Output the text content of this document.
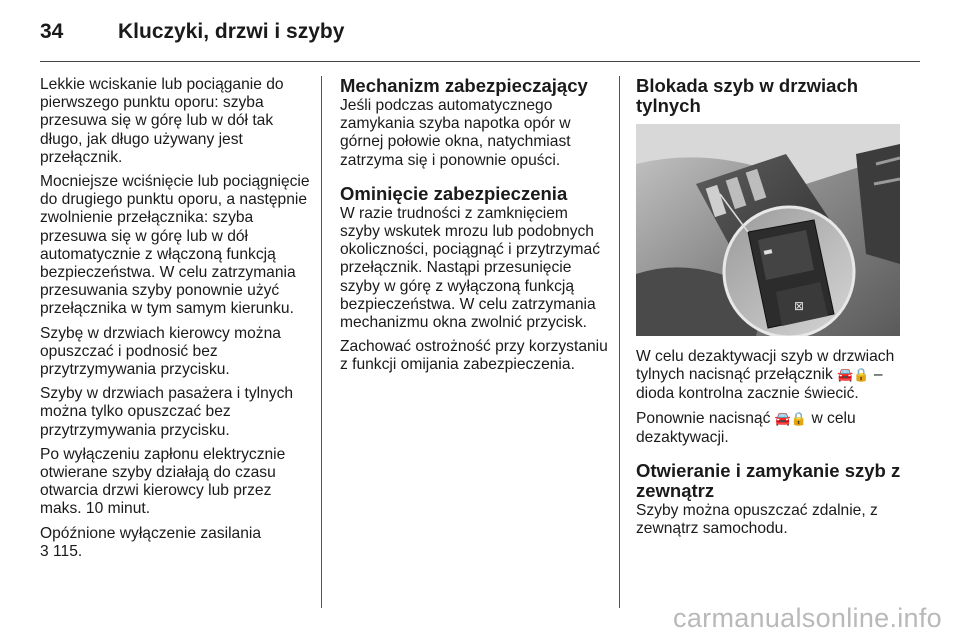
34	Kluczyki, drzwi i szyby

Lekkie wciskanie lub pociąganie do pierwszego punktu oporu: szyba przesuwa się w górę lub w dół tak długo, jak długo używany jest przełącznik.

Mocniejsze wciśnięcie lub pociągnięcie do drugiego punktu oporu, a następnie zwolnienie przełącznika: szyba przesuwa się w górę lub w dół automatycznie z włączoną funkcją bezpieczeństwa. W celu zatrzymania przesuwania szyby ponownie użyć przełącznika w tym samym kierunku.

Szybę w drzwiach kierowcy można opuszczać i podnosić bez przytrzymywania przycisku.

Szyby w drzwiach pasażera i tylnych można tylko opuszczać bez przytrzymywania przycisku.

Po wyłączeniu zapłonu elektrycznie otwierane szyby działają do czasu otwarcia drzwi kierowcy lub przez maks. 10 minut.

Opóźnione wyłączenie zasilania
3 115.

Mechanizm zabezpieczający

Jeśli podczas automatycznego zamykania szyba napotka opór w górnej połowie okna, natychmiast zatrzyma się i ponownie opuści.

Ominięcie zabezpieczenia

W razie trudności z zamknięciem szyby wskutek mrozu lub podobnych okoliczności, pociągnąć i przytrzymać przełącznik. Nastąpi przesunięcie szyby w górę z wyłączoną funkcją bezpieczeństwa. W celu zatrzymania mechanizmu okna zwolnić przycisk.

Zachować ostrożność przy korzystaniu z funkcji omijania zabezpieczenia.

Blokada szyb w drzwiach tylnych
⊠

W celu dezaktywacji szyb w drzwiach tylnych nacisnąć przełącznik 🚘🔒 – dioda kontrolna zacznie świecić.

Ponownie nacisnąć 🚘🔒 w celu dezaktywacji.

Otwieranie i zamykanie szyb z zewnątrz

Szyby można opuszczać zdalnie, z zewnątrz samochodu.

carmanualsonline.info
